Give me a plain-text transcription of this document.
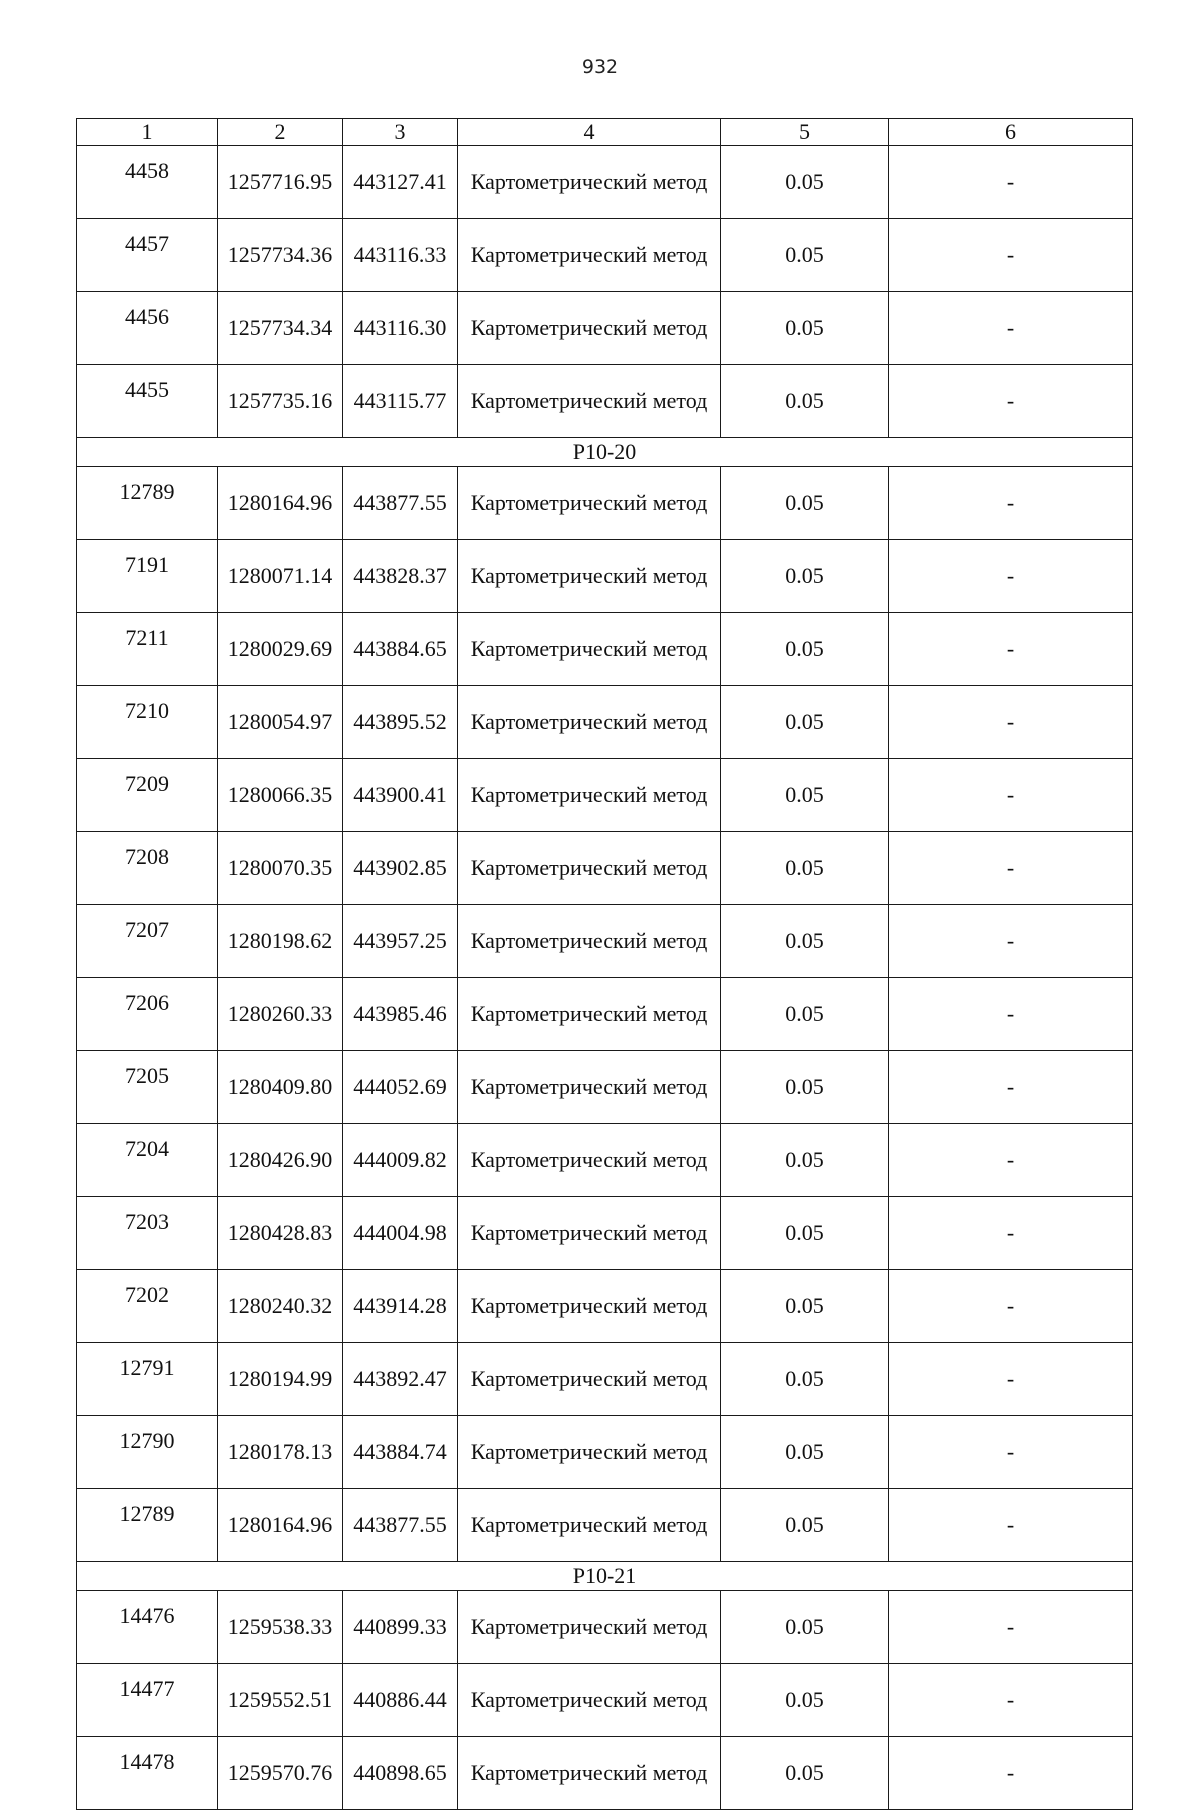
932
1	2	3	4	5	6
4458	1257716.95	443127.41	Картометрический метод	0.05	-
4457	1257734.36	443116.33	Картометрический метод	0.05	-
4456	1257734.34	443116.30	Картометрический метод	0.05	-
4455	1257735.16	443115.77	Картометрический метод	0.05	-
Р10-20					
12789	1280164.96	443877.55	Картометрический метод	0.05	-
7191	1280071.14	443828.37	Картометрический метод	0.05	-
7211	1280029.69	443884.65	Картометрический метод	0.05	-
7210	1280054.97	443895.52	Картометрический метод	0.05	-
7209	1280066.35	443900.41	Картометрический метод	0.05	-
7208	1280070.35	443902.85	Картометрический метод	0.05	-
7207	1280198.62	443957.25	Картометрический метод	0.05	-
7206	1280260.33	443985.46	Картометрический метод	0.05	-
7205	1280409.80	444052.69	Картометрический метод	0.05	-
7204	1280426.90	444009.82	Картометрический метод	0.05	-
7203	1280428.83	444004.98	Картометрический метод	0.05	-
7202	1280240.32	443914.28	Картометрический метод	0.05	-
12791	1280194.99	443892.47	Картометрический метод	0.05	-
12790	1280178.13	443884.74	Картометрический метод	0.05	-
12789	1280164.96	443877.55	Картометрический метод	0.05	-
Р10-21					
14476	1259538.33	440899.33	Картометрический метод	0.05	-
14477	1259552.51	440886.44	Картометрический метод	0.05	-
14478	1259570.76	440898.65	Картометрический метод	0.05	-
